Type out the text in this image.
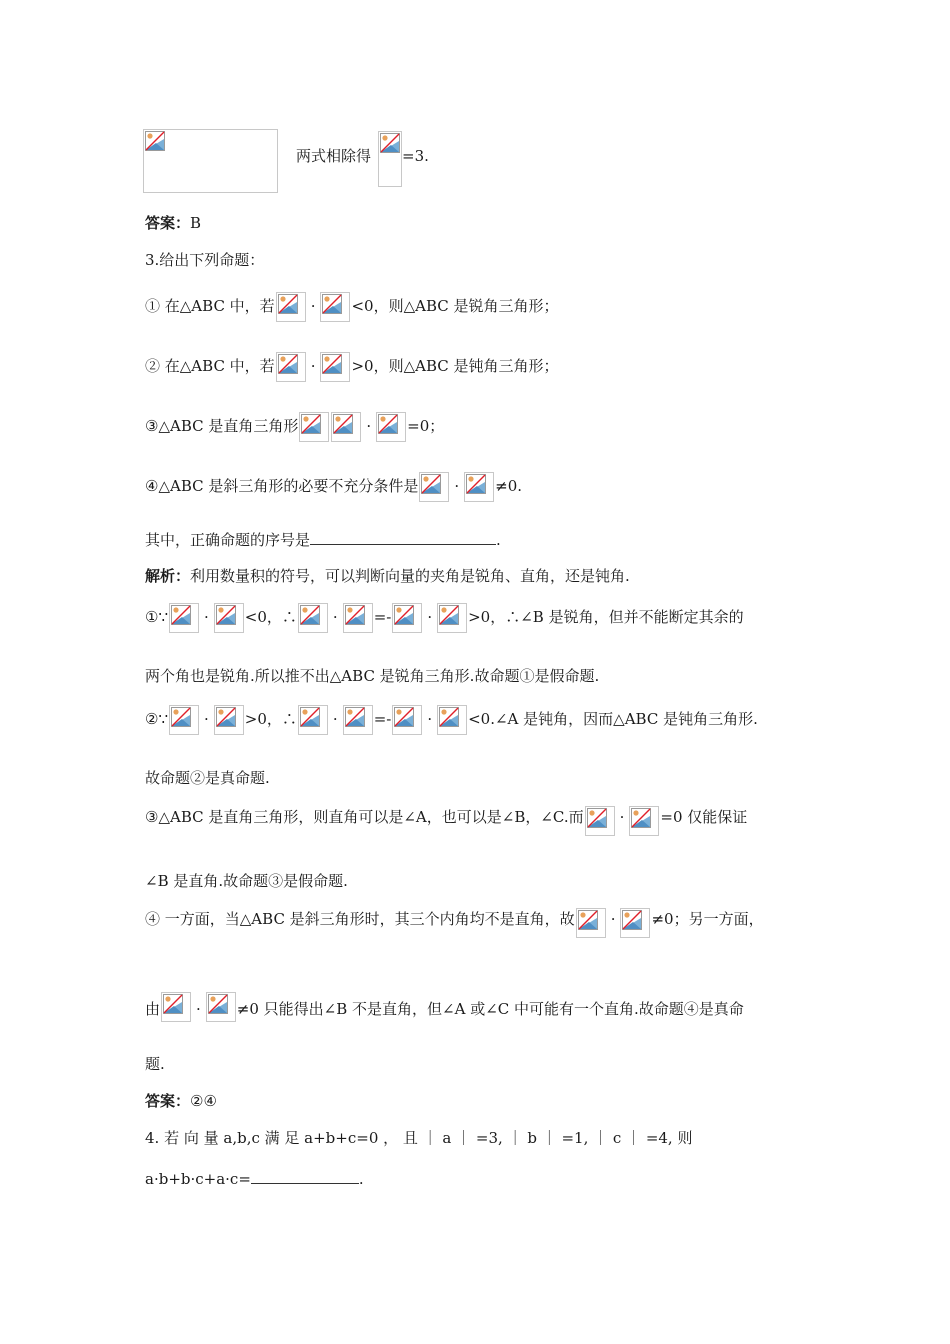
两式相除得 =3.
答案：B
3.给出下列命题：
① 在△ABC 中，若 · <0，则△ABC 是锐角三角形；
② 在△ABC 中，若 · >0，则△ABC 是钝角三角形；
③△ABC 是直角三角形	· =0；
④△ABC 是斜三角形的必要不充分条件是 · ≠0.
其中，正确命题的序号是	.
解析：利用数量积的符号，可以判断向量的夹角是锐角、直角，还是钝角.
①∵ · <0，∴ · =- · >0，∴∠B 是锐角，但并不能断定其余的
两个角也是锐角.所以推不出△ABC 是锐角三角形.故命题①是假命题.
②∵ · >0，∴ · =- · <0.∠A 是钝角，因而△ABC 是钝角三角形.
故命题②是真命题.
③△ABC 是直角三角形，则直角可以是∠A，也可以是∠B，∠C.而 · =0 仅能保证
∠B 是直角.故命题③是假命题.
④ 一方面，当△ABC 是斜三角形时，其三个内角均不是直角，故 · ≠0；另一方面，
由 · ≠0 只能得出∠B 不是直角，但∠A 或∠C 中可能有一个直角.故命题④是真命
题.
答案：②④
4. 若 向 量 a,b,c 满 足 a+b+c=0 ， 且 ｜ a ｜ =3, ｜ b ｜ =1, ｜ c ｜ =4, 则
a·b+b·c+a·c=	.
